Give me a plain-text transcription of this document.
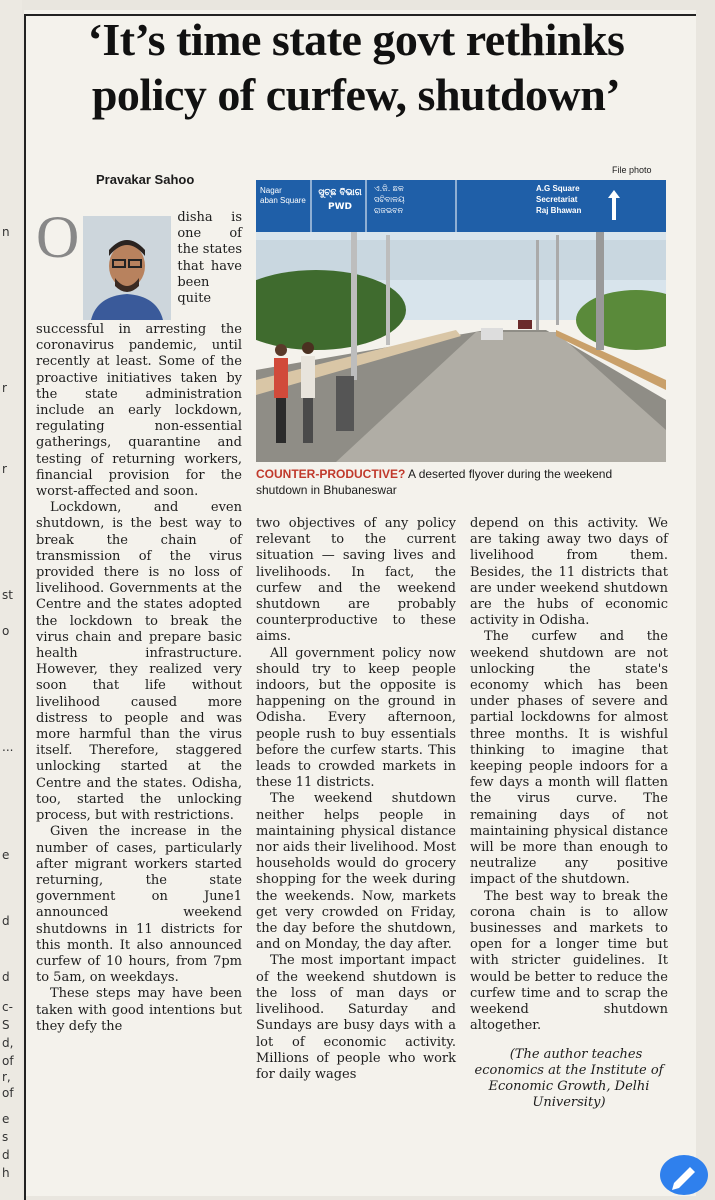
n
r
r
st
o
...
e
d
d
c-
S
d,
of
r,
of
e
s
d
h
‘It’s time state govt rethinks policy of curfew, shutdown’
Pravakar Sahoo
File photo
Nagar
aban Square
ସୁଚ୍ଛ ବିଭାଗ
PWD
ଏ.ଜି. ଛକ
ସଚିବାଳୟ
ରାଜଭବନ
A.G Square
Secretariat
Raj Bhawan
COUNTER-PRODUCTIVE? A deserted flyover during the weekend shutdown in Bhubaneswar

O	disha is one of the states that have been quite successful in arresting the coronavirus pandemic, until recently at least. Some of the proactive initiatives taken by the state administration include an early lockdown, regulating non-essential gatherings, quarantine and testing of returning workers, financial provision for the worst-affected and soon.

Lockdown, and even shutdown, is the best way to break the chain of transmission of the virus provided there is no loss of livelihood. Governments at the Centre and the states adopted the lockdown to break the virus chain and prepare basic health infrastructure. However, they realized very soon that life without livelihood caused more distress to people and was more harmful than the virus itself. Therefore, staggered unlocking started at the Centre and the states. Odisha, too, started the unlocking process, but with restrictions.

Given the increase in the number of cases, particularly after migrant workers started returning, the state government on June1 announced weekend shutdowns in 11 districts for this month. It also announced curfew of 10 hours, from 7pm to 5am, on weekdays.

These steps may have been taken with good intentions but they defy the

two objectives of any policy relevant to the current situation — saving lives and livelihoods. In fact, the curfew and the weekend shutdown are probably counterproductive to these aims.

All government policy now should try to keep people indoors, but the opposite is happening on the ground in Odisha. Every afternoon, people rush to buy essentials before the curfew starts. This leads to crowded markets in these 11 districts.

The weekend shutdown neither helps people in maintaining physical distance nor aids their livelihood. Most households would do grocery shopping for the week during the weekends. Now, markets get very crowded on Friday, the day before the shutdown, and on Monday, the day after.

The most important impact of the weekend shutdown is the loss of man days or livelihood. Saturday and Sundays are busy days with a lot of economic activity. Millions of people who work for daily wages

depend on this activity. We are taking away two days of livelihood from them. Besides, the 11 districts that are under weekend shutdown are the hubs of economic activity in Odisha.

The curfew and the weekend shutdown are not unlocking the state's economy which has been under phases of severe and partial lockdowns for almost three months. It is wishful thinking to imagine that keeping people indoors for a few days a month will flatten the virus curve. The remaining days of not maintaining physical distance will be more than enough to neutralize any positive impact of the shutdown.

The best way to break the corona chain is to allow businesses and markets to open for a longer time but with stricter guidelines. It would be better to reduce the curfew time and to scrap the weekend shutdown altogether.

(The author teaches economics at the Institute of Economic Growth, Delhi University)
